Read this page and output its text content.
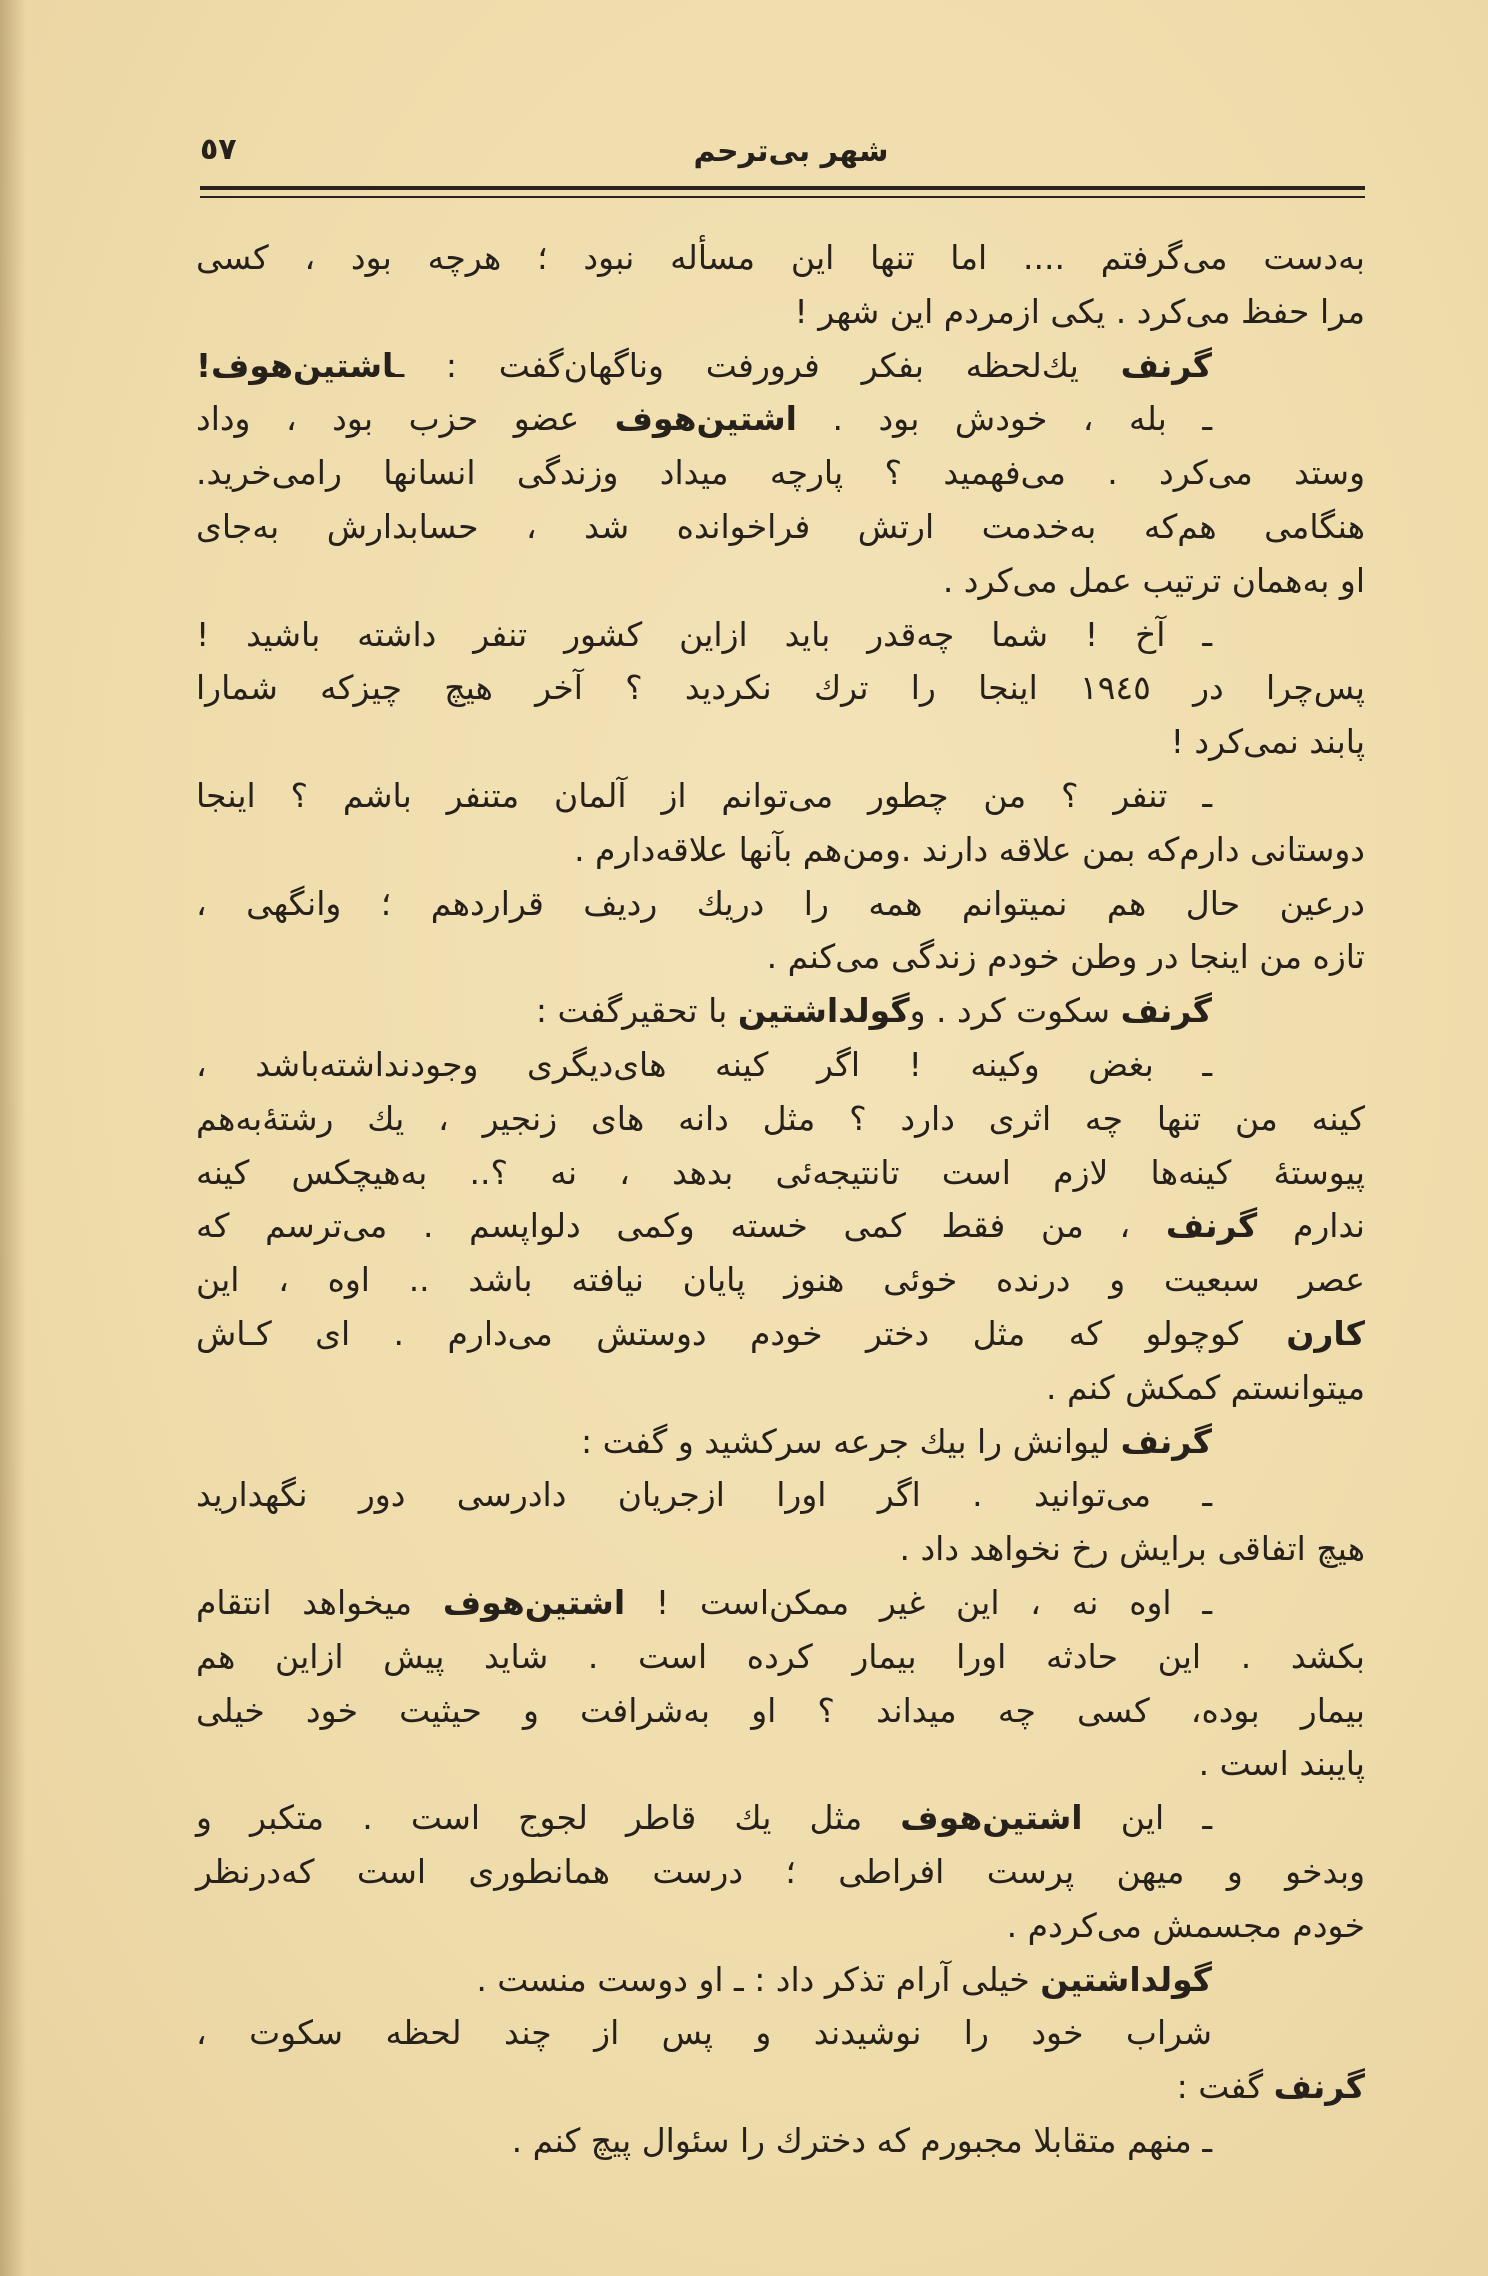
٥٧	شهر بی‌ترحم

به‌دست می‌گرفتم .... اما تنها این مسأله نبود ؛ هرچه بود ، کسی

مرا حفظ می‌کرد . یکی ازمردم این شهر !

گرنف یك‌لحظه بفکر فرورفت وناگهان‌گفت : ـاشتین‌هوف!

ـ بله ، خودش بود . اشتین‌هوف عضو حزب بود ، وداد

وستد می‌کرد . می‌فهمید ؟ پارچه میداد وزندگی انسانها رامی‌خرید.

هنگامی هم‌که به‌خدمت ارتش فراخوانده شد ، حسابدارش به‌جای

او به‌همان ترتیب عمل می‌کرد .

ـ آخ ! شما چه‌قدر باید ازاین کشور تنفر داشته باشید !

پس‌چرا در ١٩٤٥ اینجا را ترك نکردید ؟ آخر هیچ چیزکه شمارا

پابند نمی‌کرد !

ـ تنفر ؟ من چطور می‌توانم از آلمان متنفر باشم ؟ اینجا

دوستانی دارم‌که بمن علاقه دارند .ومن‌هم بآنها علاقه‌دارم .

درعین حال هم نمیتوانم همه را دریك ردیف قراردهم ؛ وانگهی ،

تازه من اینجا در وطن خودم زندگی می‌کنم .

گرنف سکوت کرد . وگولداشتین با تحقیرگفت :

ـ بغض وکینه ! اگر کینه های‌دیگری وجودنداشته‌باشد ،

کینه من تنها چه اثری دارد ؟ مثل دانه های زنجیر ، یك رشتهٔ‌به‌هم

پیوستهٔ کینه‌ها لازم است تانتیجه‌ئی بدهد ، نه ؟.. به‌هیچکس کینه

ندارم گرنف ، من فقط کمی خسته وکمی دلواپسم . می‌ترسم که

عصر سبعیت و درنده خوئی هنوز پایان نیافته باشد .. اوه ، این

کارن کوچولو که مثل دختر خودم دوستش می‌دارم . ای کـاش

میتوانستم کمکش کنم .

گرنف لیوانش را بیك جرعه سرکشید و گفت :

ـ می‌توانید . اگر اورا ازجریان دادرسی دور نگهدارید

هیچ اتفاقی برایش رخ نخواهد داد .

ـ اوه نه ، این غیر ممکن‌است ! اشتین‌هوف میخواهد انتقام

بکشد . این حادثه اورا بیمار کرده است . شاید پیش ازاین هم

بیمار بوده، کسی چه میداند ؟ او به‌شرافت و حیثیت خود خیلی

پایبند است .

ـ این اشتین‌هوف مثل یك قاطر لجوج است . متکبر و

وبدخو و میهن پرست افراطی ؛ درست همانطوری است که‌درنظر

خودم مجسمش می‌کردم .

گولداشتین خیلی آرام تذکر داد : ـ او دوست منست .

شراب خود را نوشیدند و پس از چند لحظه سکوت ،

گرنف گفت :

ـ منهم متقابلا مجبورم که دخترك را سئوال پیچ کنم .
